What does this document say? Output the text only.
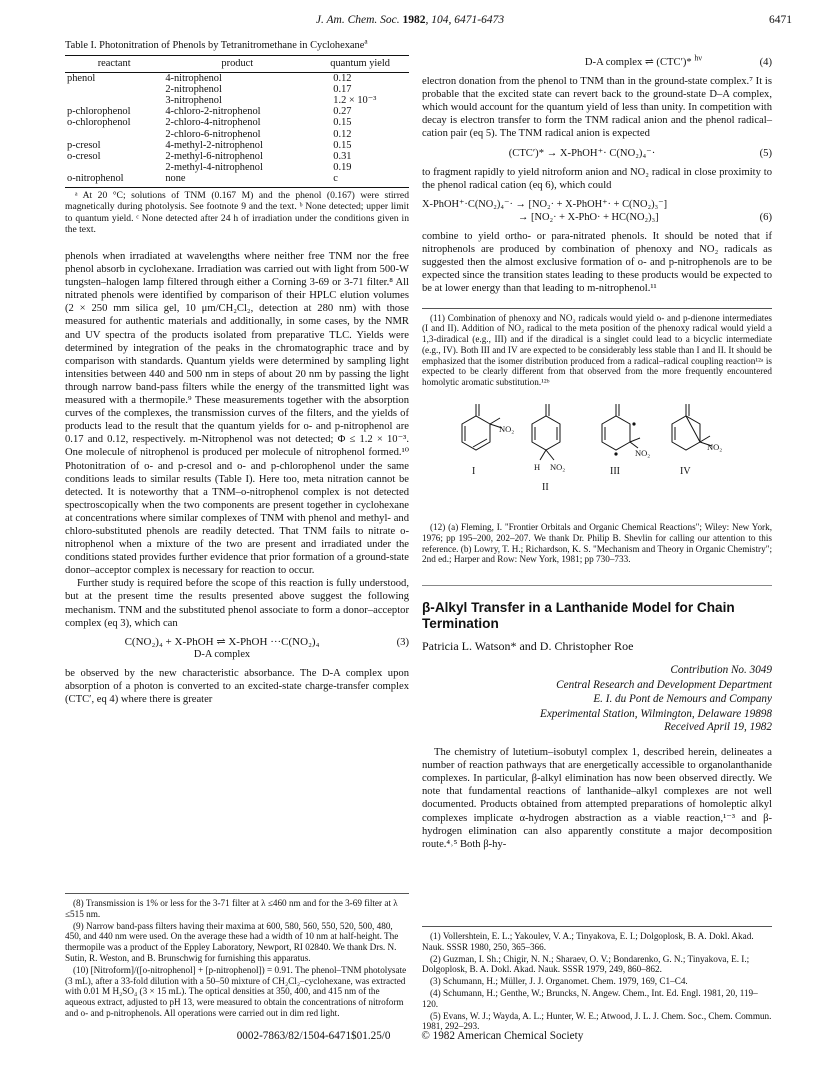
J. Am. Chem. Soc. 1982, 104, 6471-6473	6471

Table I. Photonitration of Phenols by Tetranitromethane in Cyclohexane$^a$

reactant	product	quantum yield
phenol	4-nitrophenol	0.12
	2-nitrophenol	0.17
	3-nitrophenol	1.2 × 10⁻³
p-chlorophenol	4-chloro-2-nitrophenol	0.27
o-chlorophenol	2-chloro-4-nitrophenol	0.15
	2-chloro-6-nitrophenol	0.12
p-cresol	4-methyl-2-nitrophenol	0.15
o-cresol	2-methyl-6-nitrophenol	0.31
	2-methyl-4-nitrophenol	0.19
o-nitrophenol	none	c

ᵃ At 20 °C; solutions of TNM (0.167 M) and the phenol (0.167) were stirred magnetically during photolysis. See footnote 9 and the text. ᵇ None detected; upper limit to quantum yield. ᶜ None detected after 24 h of irradiation under the conditions given in the text.

phenols when irradiated at wavelengths where neither free TNM nor the free phenol absorb in cyclohexane. Irradiation was carried out with light from 500-W tungsten–halogen lamp filtered through either a Corning 3-69 or 3-71 filter.⁸ All nitrated phenols were identified by comparison of their HPLC elution volumes (2 × 250 mm silica gel, 10 μm/CH₂Cl₂, detection at 280 nm) with those measured for authentic materials and additionally, in some cases, by the NMR and UV spectra of the products isolated from preparative TLC. Yields were determined by integration of the peaks in the chromatographic trace and by comparison with standards. Quantum yields were determined by sampling light intensities between 440 and 500 nm in steps of about 20 nm by passing the light through narrow band-pass filters while the energy of the transmitted light was measured with a thermopile.⁹ These measurements together with the absorption curves of the complexes, the transmission curves of the filters, and the yields of products lead to the result that the quantum yields for o- and p-nitrophenol are 0.17 and 0.12, respectively. m-Nitrophenol was not detected; Φ ≤ 1.2 × 10⁻³. One molecule of nitrophenol is produced per molecule of nitrophenol formed.¹⁰ Photonitration of o- and p-cresol and o- and p-chlorophenol under the same conditions leads to similar results (Table I). Here too, meta nitration cannot be detected. It is noteworthy that a TNM–o-nitrophenol complex is not detected spectroscopically when the two components are present together in cyclohexane at concentrations where similar complexes of TNM with phenol and methyl- and chloro-substituted phenols are readily detected. That TNM fails to nitrate o-nitrophenol when a mixture of the two are present and irradiated under the conditions stated provides further evidence that prior formation of a ground-state donor–acceptor complex is necessary for reaction to occur.

Further study is required before the scope of this reaction is fully understood, but at the present time the results presented above suggest the following mechanism. TNM and the substituted phenol associate to form a donor–acceptor complex (eq 3), which can

C(NO₂)₄ + X-PhOH ⇌ X-PhOH ···C(NO₂)₄
D-A complex
(3)

be observed by the new characteristic absorbance. The D-A complex upon absorption of a photon is converted to an excited-state charge-transfer complex (CTC′, eq 4) where there is greater

(8) Transmission is 1% or less for the 3-71 filter at λ ≤460 nm and for the 3-69 filter at λ ≤515 nm.

(9) Narrow band-pass filters having their maxima at 600, 580, 560, 550, 520, 500, 480, 450, and 440 nm were used. On the average these had a width of 10 nm at half-height. The thermopile was a product of the Eppley Laboratory, Newport, RI 02840. We thank Drs. N. Sutin, R. Weston, and B. Brunschwig for furnishing this apparatus.

(10) [Nitroform]/([o-nitrophenol] + [p-nitrophenol]) = 0.91. The phenol–TNM photolysate (3 mL), after a 33-fold dilution with a 50–50 mixture of CH₂Cl₂–cyclohexane, was extracted with 0.01 M H₂SO₄ (3 × 15 mL). The optical densities at 350, 400, and 415 nm of the aqueous extract, adjusted to pH 13, were measured to obtain the concentrations of nitroform and o- and p-nitrophenols. All operations were carried out in dim red light.

D-A complex ⇌ (CTC′)* $^{h\nu}$	(4)

electron donation from the phenol to TNM than in the ground-state complex.⁷ It is probable that the excited state can revert back to the ground-state D–A complex, which would account for the quantum yield of less than unity. In competition with decay is electron transfer to form the TNM radical anion and the phenol radical–cation pair (eq 5). The TNM radical anion is expected

(CTC′)* → X-PhOH⁺· C(NO₂)₄⁻·	(5)

to fragment rapidly to yield nitroform anion and NO₂ radical in close proximity to the phenol radical cation (eq 6), which could

X-PhOH⁺·C(NO₂)₄⁻· → [NO₂· + X-PhOH⁺· + C(NO₂)₃⁻]
→ [NO₂· + X-PhO· + HC(NO₂)₃]	(6)

combine to yield ortho- or para-nitrated phenols. It should be noted that if nitrophenols are produced by combination of phenoxy and NO₂ radicals as suggested then the almost exclusive formation of o- and p-nitrophenols are to be expected since the transition states leading to these products would be expected to be at lower energy than that leading to m-nitrophenol.¹¹

(11) Combination of phenoxy and NO₂ radicals would yield o- and p-dienone intermediates (I and II). Addition of NO₂ radical to the meta position of the phenoxy radical would yield a 1,3-diradical (e.g., III) and if the diradical is a singlet could lead to a bicyclic intermediate (e.g., IV). Both III and IV are expected to be considerably less stable than I and II. It should be emphasized that the isomer distribution produced from a radical–radical coupling reaction¹²ᵃ is expected to be clearly different from that observed from the more frequently encountered homolytic aromatic substitution.¹²ᵇ

NO₂
H NO₂
NO₂
NO₂
I
II
III	IV

(12) (a) Fleming, I. "Frontier Orbitals and Organic Chemical Reactions"; Wiley: New York, 1976; pp 195–200, 202–207. We thank Dr. Philip B. Shevlin for calling our attention to this reference. (b) Lowry, T. H.; Richardson, K. S. "Mechanism and Theory in Organic Chemistry"; 2nd ed.; Harper and Row: New York, 1981; pp 730–733.

β-Alkyl Transfer in a Lanthanide Model for Chain Termination
Patricia L. Watson* and D. Christopher Roe
Contribution No. 3049
Central Research and Development Department
E. I. du Pont de Nemours and Company
Experimental Station, Wilmington, Delaware 19898
Received April 19, 1982

The chemistry of lutetium–isobutyl complex 1, described herein, delineates a number of reaction pathways that are energetically accessible to organolanthanide complexes. In particular, β-alkyl elimination has now been observed directly. We note that fundamental reactions of lanthanide–alkyl complexes are not well documented. Products obtained from attempted preparations of homoleptic alkyl complexes implicate α-hydrogen abstraction as a viable reaction,¹⁻³ and β-hydrogen elimination can also apparently constitute a major decomposition route.⁴˒⁵ Both β-hy-

(1) Vollershtein, E. L.; Yakoulev, V. A.; Tinyakova, E. I.; Dolgoplosk, B. A. Dokl. Akad. Nauk. SSSR 1980, 250, 365–366.

(2) Guzman, I. Sh.; Chigir, N. N.; Sharaev, O. V.; Bondarenko, G. N.; Tinyakova, E. I.; Dolgoplosk, B. A. Dokl. Akad. Nauk. SSSR 1979, 249, 860–862.

(3) Schumann, H.; Müller, J. J. Organomet. Chem. 1979, 169, C1–C4.

(4) Schumann, H.; Genthe, W.; Bruncks, N. Angew. Chem., Int. Ed. Engl. 1981, 20, 119–120.

(5) Evans, W. J.; Wayda, A. L.; Hunter, W. E.; Atwood, J. L. J. Chem. Soc., Chem. Commun. 1981, 292–293.

0002-7863/82/1504-6471$01.25/0	© 1982 American Chemical Society
